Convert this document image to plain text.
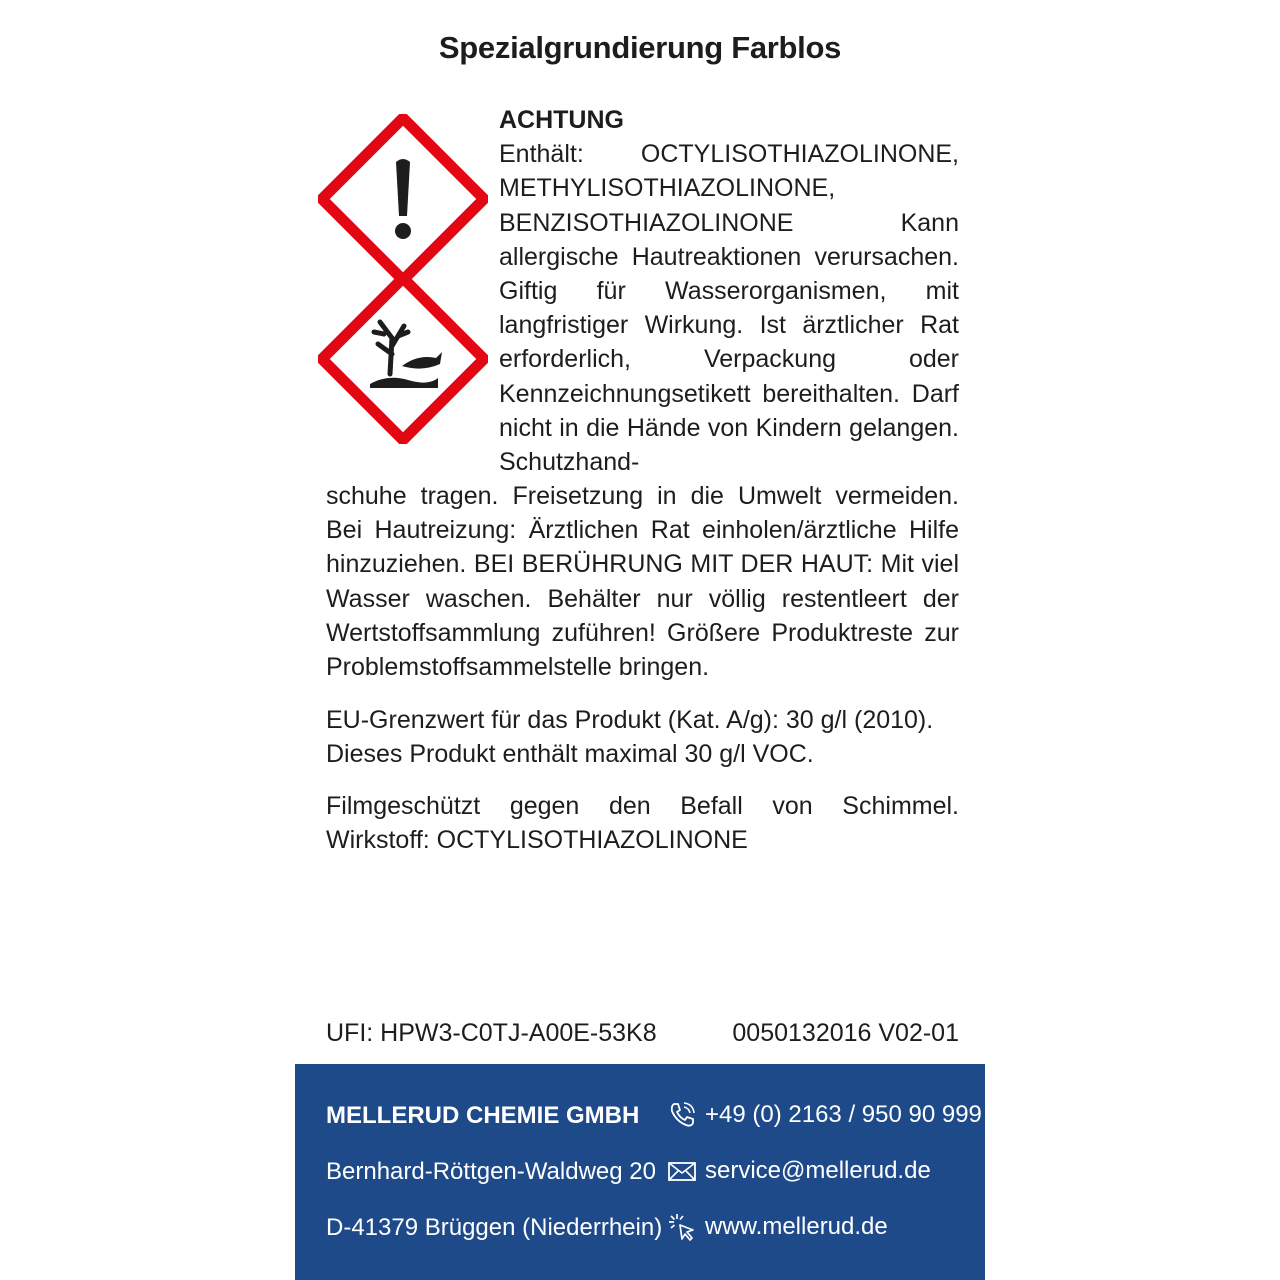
Spezialgrundierung Farblos
ACHTUNG
Enthält: OCTYLISOTHIAZOLINONE, METHYLISOTHIAZOLINONE, BENZISOTHIAZOLINONE Kann allergische Hautreaktionen verursachen. Giftig für Wasserorganismen, mit langfristiger Wirkung. Ist ärztlicher Rat erforderlich, Verpackung oder Kennzeichnungsetikett bereithalten. Darf nicht in die Hände von Kindern gelangen. Schutzhand-
schuhe tragen. Freisetzung in die Umwelt vermeiden. Bei Hautreizung: Ärztlichen Rat einholen/ärztliche Hilfe hinzuziehen. BEI BERÜHRUNG MIT DER HAUT: Mit viel Wasser waschen. Behälter nur völlig restentleert der Wertstoffsammlung zuführen! Größere Produktreste zur Problemstoffsammelstelle bringen.
EU-Grenzwert für das Produkt (Kat. A/g): 30 g/l (2010).
Dieses Produkt enthält maximal 30 g/l VOC.
Filmgeschützt gegen den Befall von Schimmel.
Wirkstoff: OCTYLISOTHIAZOLINONE
UFI: HPW3-C0TJ-A00E-53K8	0050132016 V02-01
MELLERUD CHEMIE GMBH
Bernhard-Röttgen-Waldweg 20
D-41379 Brüggen (Niederrhein)
+49 (0) 2163 / 950 90 999
service@mellerud.de
www.mellerud.de
